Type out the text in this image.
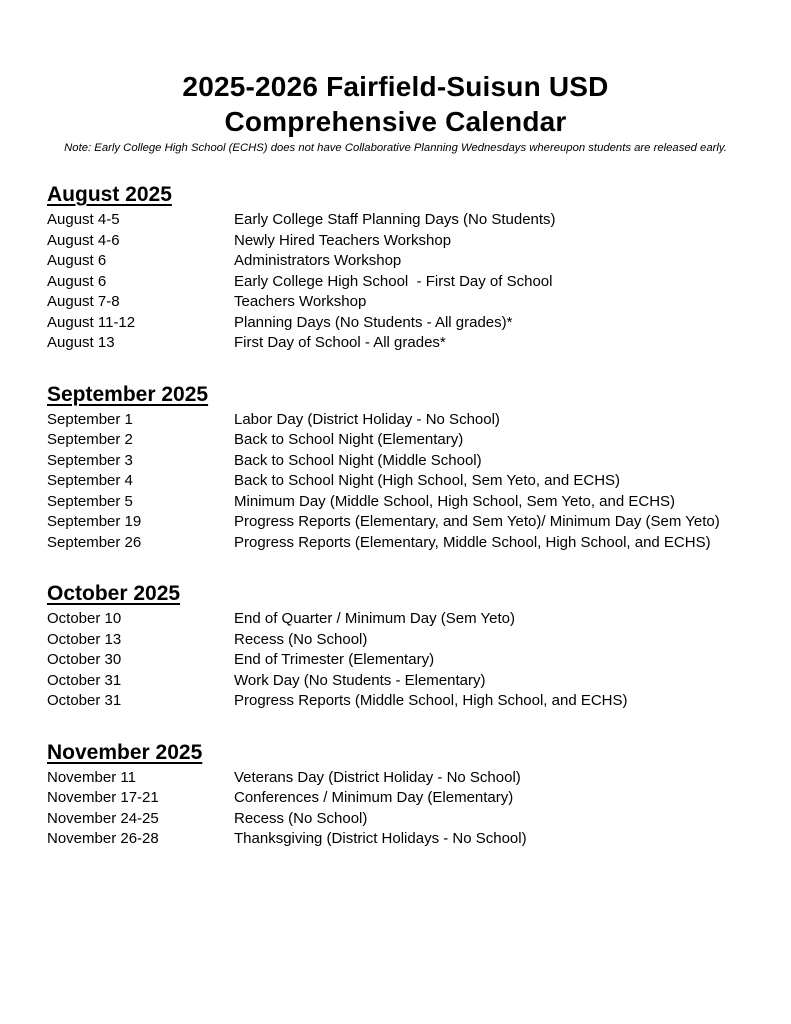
2025-2026 Fairfield-Suisun USD
Comprehensive Calendar

Note: Early College High School (ECHS) does not have Collaborative Planning Wednesdays whereupon students are released early.

August 2025
August 4-5	Early College Staff Planning Days (No Students)
August 4-6	Newly Hired Teachers Workshop
August 6	Administrators Workshop
August 6	Early College High School  - First Day of School
August 7-8	Teachers Workshop
August 11-12	Planning Days (No Students - All grades)*
August 13	First Day of School - All grades*
September 2025
September 1	Labor Day (District Holiday - No School)
September 2	Back to School Night (Elementary)
September 3	Back to School Night (Middle School)
September 4	Back to School Night (High School, Sem Yeto, and ECHS)
September 5	Minimum Day (Middle School, High School, Sem Yeto, and ECHS)
September 19	Progress Reports (Elementary, and Sem Yeto)/ Minimum Day (Sem Yeto)
September 26	Progress Reports (Elementary, Middle School, High School, and ECHS)
October 2025
October 10	End of Quarter / Minimum Day (Sem Yeto)
October 13	Recess (No School)
October 30	End of Trimester (Elementary)
October 31	Work Day (No Students - Elementary)
October 31	Progress Reports (Middle School, High School, and ECHS)
November 2025
November 11	Veterans Day (District Holiday - No School)
November 17-21	Conferences / Minimum Day (Elementary)
November 24-25	Recess (No School)
November 26-28	Thanksgiving (District Holidays - No School)
